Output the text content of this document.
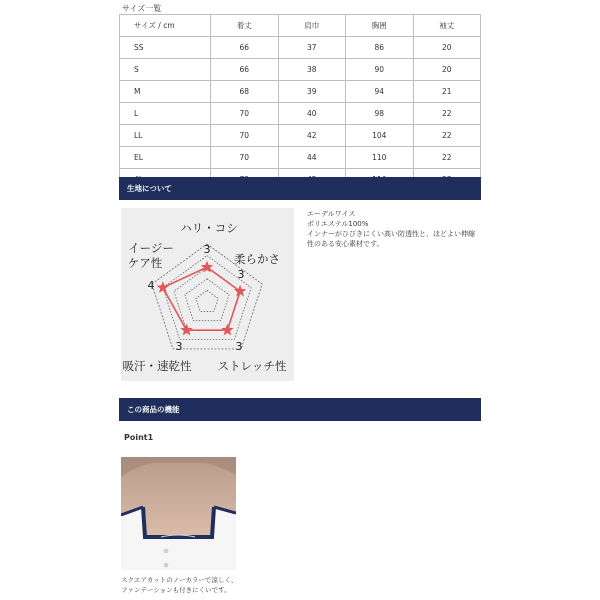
サイズ一覧
サイズ / cm	着丈	肩巾	胸囲	袖丈
SS	66	37	86	20
S	66	38	90	20
M	68	39	94	21
L	70	40	98	22
LL	70	42	104	22
EL	70	44	110	22

生地について
ハリ・コシ
3
柔らかさ
3
イージー
ケア性
4
3	3
吸汗・速乾性 ストレッチ性
エーデルワイス
ポリエステル100%
インナーがひびきにくい高い防透性と、ほどよい伸縮
性のある安心素材です。
この商品の機能
Point1
スクエアカットのノーカラーで涼しく、
ファンデーションも付きにくいです。
